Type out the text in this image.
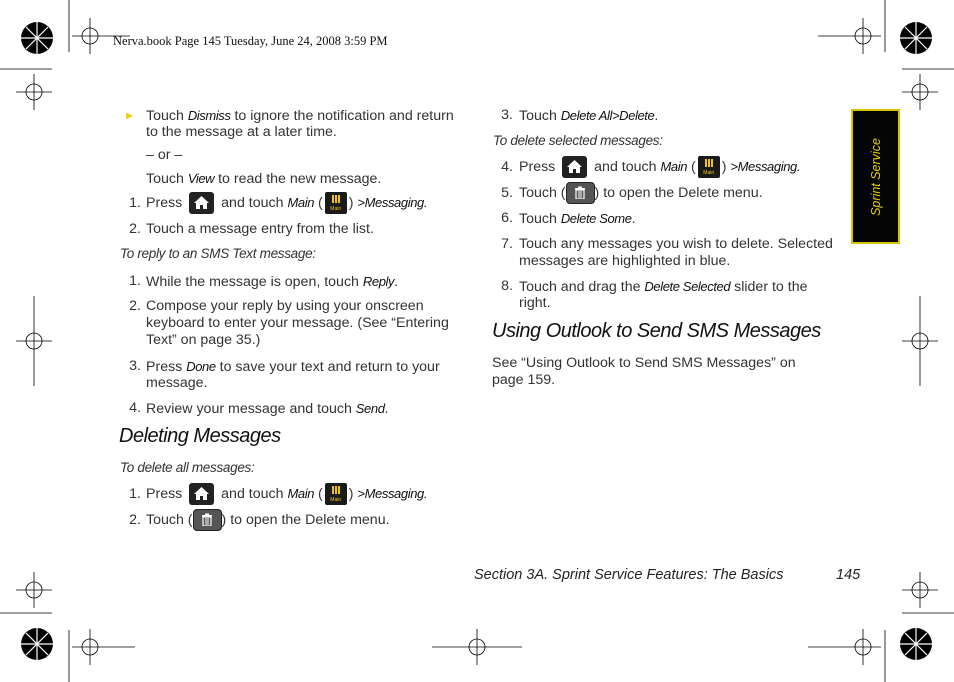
Nerva.book Page 145 Tuesday, June 24, 2008 3:59 PM
Sprint Service
► Touch Dismiss to ignore the notification and return
to the message at a later time.
– or –
Touch View to read the new message.
1. Press	and touch Main (	Main ) >Messaging.
2. Touch a message entry from the list.
To reply to an SMS Text message:
1. While the message is open, touch Reply.
2. Compose your reply by using your onscreen
keyboard to enter your message. (See “Entering
Text” on page 35.)
3. Press Done to save your text and return to your
message.
4. Review your message and touch Send.
Deleting Messages
To delete all messages:
1. Press	and touch Main (	Main ) >Messaging.
2. Touch ( ) to open the Delete menu.
3. Touch Delete All>Delete.
To delete selected messages:
4. Press	and touch Main (	Main ) >Messaging.
5. Touch ( ) to open the Delete menu.
6. Touch Delete Some.
7. Touch any messages you wish to delete. Selected
messages are highlighted in blue.
8. Touch and drag the Delete Selected slider to the
right.
Using Outlook to Send SMS Messages
See “Using Outlook to Send SMS Messages” on
page 159.
Section 3A. Sprint Service Features: The Basics	145
